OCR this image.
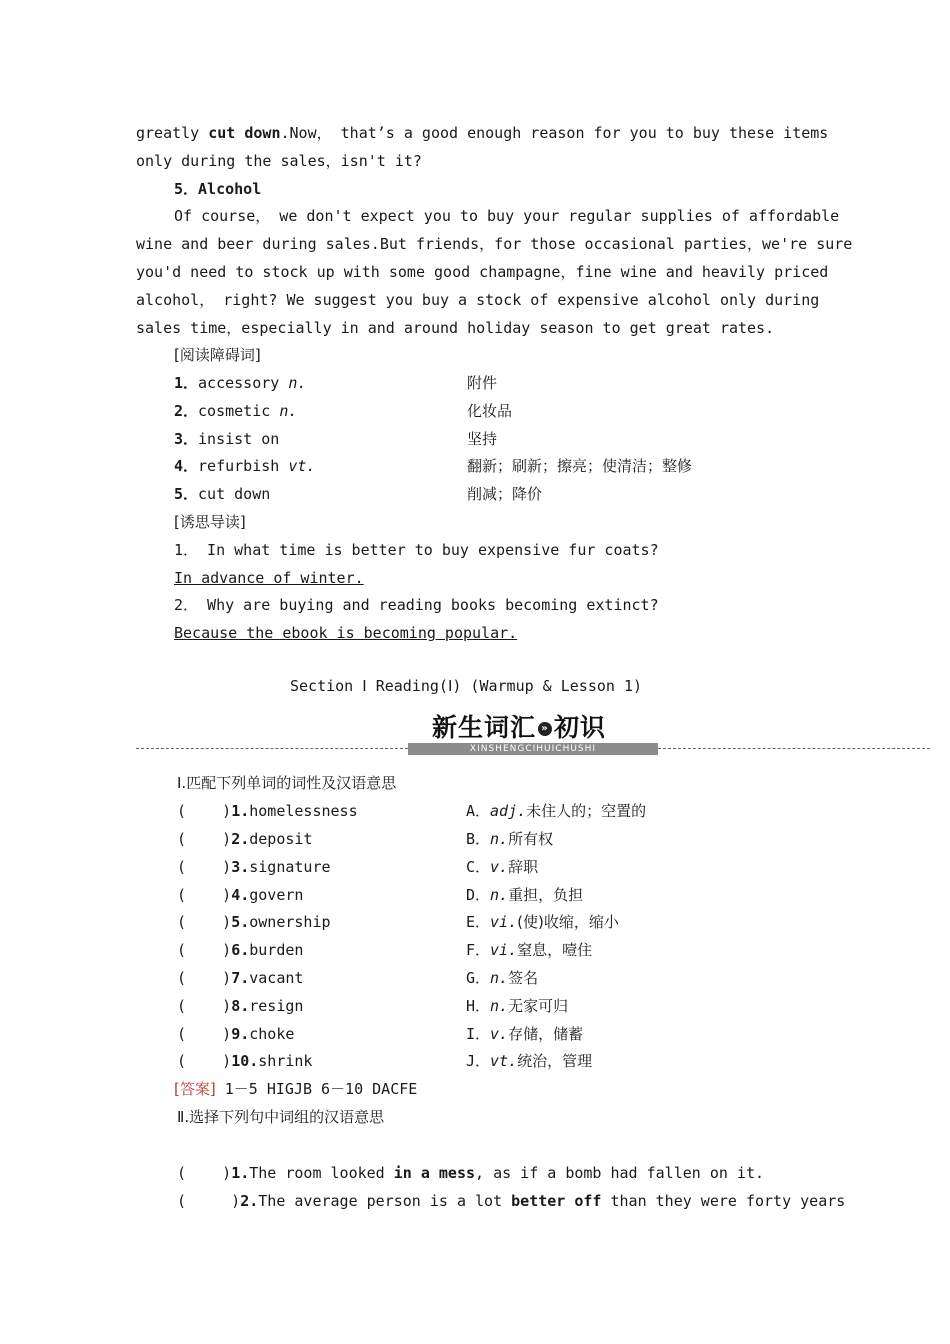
greatly cut down.Now， that’s a good enough reason for you to buy these items
only during the sales，isn't it?
5．Alcohol
Of course， we don't expect you to buy your regular supplies of affordable
wine and beer during sales.But friends，for those occasional parties，we're sure
you'd need to stock up with some good champagne，fine wine and heavily priced
alcohol， right? We suggest you buy a stock of expensive alcohol only during
sales time，especially in and around holiday season to get great rates.
[阅读障碍词]
1．accessory n.	附件
2．cosmetic n.	化妆品
3．insist on	坚持
4．refurbish vt.	翻新；刷新；擦亮；使清洁；整修
5．cut down	削减；降价
[诱思导读]
1． In what time is better to buy expensive fur coats?
In advance of winter.
2． Why are buying and reading books becoming extinct?
Because the ebook is becoming popular.
Section Ⅰ Reading(Ⅰ) (Warmup & Lesson 1)
新生词汇 » 初识
XINSHENGCIHUICHUSHI
Ⅰ.匹配下列单词的词性及汉语意思
(    )1.homelessness	A．adj.未住人的；空置的
(    )2.deposit	B．n.所有权
(    )3.signature	C．v.辞职
(    )4.govern	D．n.重担，负担
(    )5.ownership	E．vi.(使)收缩，缩小
(    )6.burden	F．vi.窒息，噎住
(    )7.vacant	G．n.签名
(    )8.resign	H．n.无家可归
(    )9.choke	I．v.存储，储蓄
(    )10.shrink	J．vt.统治，管理
[答案] 1－5 HIGJB 6－10 DACFE
Ⅱ.选择下列句中词组的汉语意思
(    )1.The room looked in a mess, as if a bomb had fallen on it.
(     )2.The average person is a lot better off than they were forty years
